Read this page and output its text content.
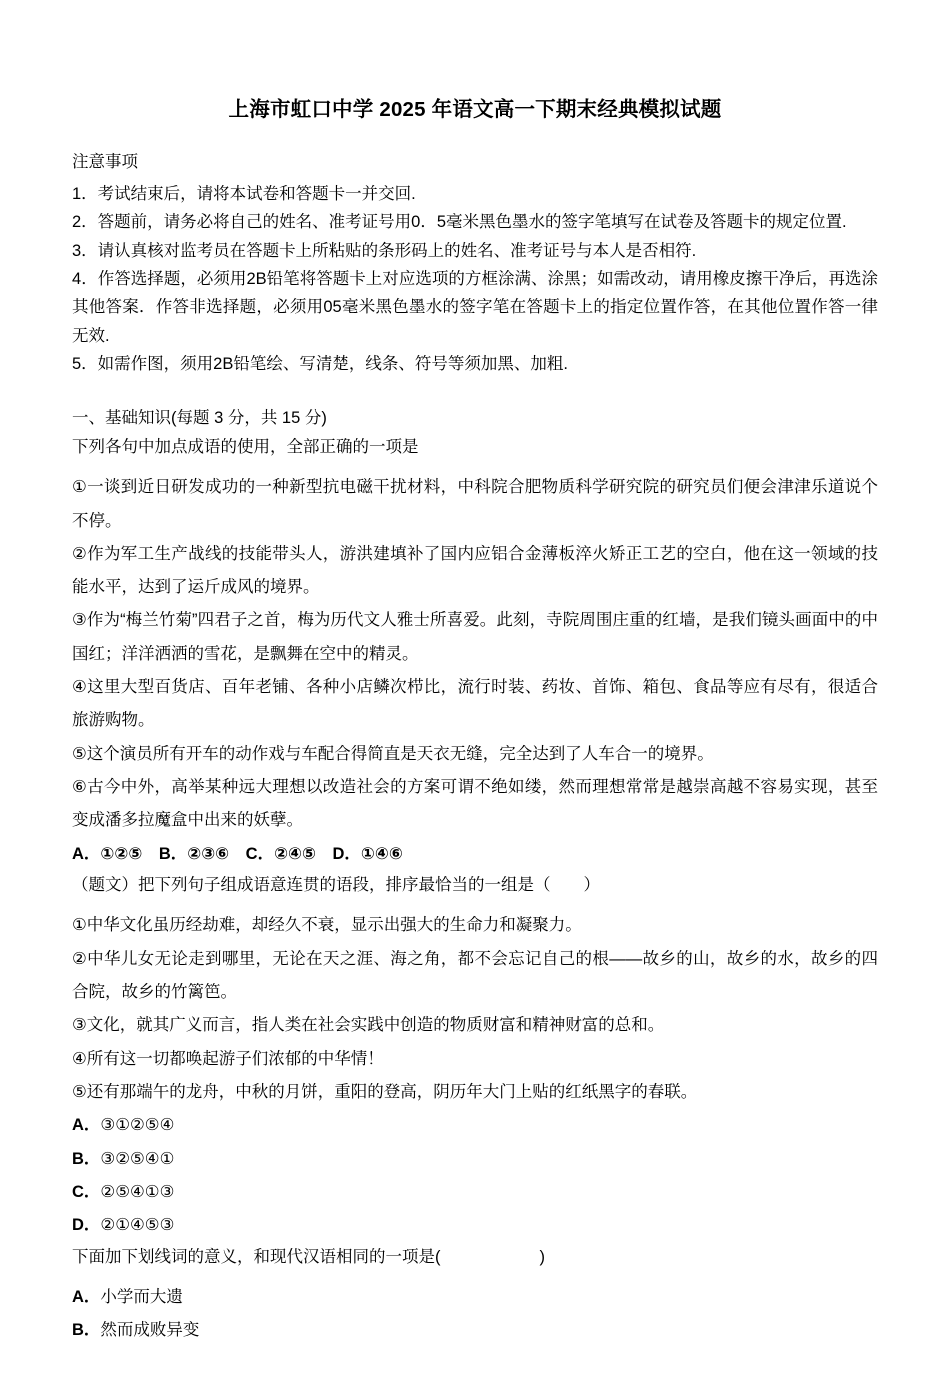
上海市虹口中学 2025 年语文高一下期末经典模拟试题
注意事项

1．考试结束后，请将本试卷和答题卡一并交回.

2．答题前，请务必将自己的姓名、准考证号用0．5毫米黑色墨水的签字笔填写在试卷及答题卡的规定位置.

3．请认真核对监考员在答题卡上所粘贴的条形码上的姓名、准考证号与本人是否相符.

4．作答选择题，必须用2B铅笔将答题卡上对应选项的方框涂满、涂黑；如需改动，请用橡皮擦干净后，再选涂其他答案．作答非选择题，必须用05毫米黑色墨水的签字笔在答题卡上的指定位置作答，在其他位置作答一律无效.

5．如需作图，须用2B铅笔绘、写清楚，线条、符号等须加黑、加粗.

一、基础知识(每题 3 分，共 15 分)
下列各句中加点成语的使用，全部正确的一项是

①一谈到近日研发成功的一种新型抗电磁干扰材料，中科院合肥物质科学研究院的研究员们便会津津乐道说个不停。

②作为军工生产战线的技能带头人，游洪建填补了国内应铝合金薄板淬火矫正工艺的空白，他在这一领域的技能水平，达到了运斤成风的境界。

③作为“梅兰竹菊”四君子之首，梅为历代文人雅士所喜爱。此刻，寺院周围庄重的红墙，是我们镜头画面中的中国红；洋洋洒洒的雪花，是飘舞在空中的精灵。

④这里大型百货店、百年老铺、各种小店鳞次栉比，流行时装、药妆、首饰、箱包、食品等应有尽有，很适合旅游购物。

⑤这个演员所有开车的动作戏与车配合得简直是天衣无缝，完全达到了人车合一的境界。

⑥古今中外，高举某种远大理想以改造社会的方案可谓不绝如缕，然而理想常常是越崇高越不容易实现，甚至变成潘多拉魔盒中出来的妖孽。

A．①②⑤　B．②③⑥　C．②④⑤　D．①④⑥

（题文）把下列句子组成语意连贯的语段，排序最恰当的一组是（　　）

①中华文化虽历经劫难，却经久不衰，显示出强大的生命力和凝聚力。

②中华儿女无论走到哪里，无论在天之涯、海之角，都不会忘记自己的根——故乡的山，故乡的水，故乡的四合院，故乡的竹篱笆。

③文化，就其广义而言，指人类在社会实践中创造的物质财富和精神财富的总和。

④所有这一切都唤起游子们浓郁的中华情！

⑤还有那端午的龙舟，中秋的月饼，重阳的登高，阴历年大门上贴的红纸黑字的春联。

A．③①②⑤④

B．③②⑤④①

C．②⑤④①③

D．②①④⑤③

下面加下划线词的意义，和现代汉语相同的一项是(　　　　　　)

A．小学而大遗

B．然而成败异变
